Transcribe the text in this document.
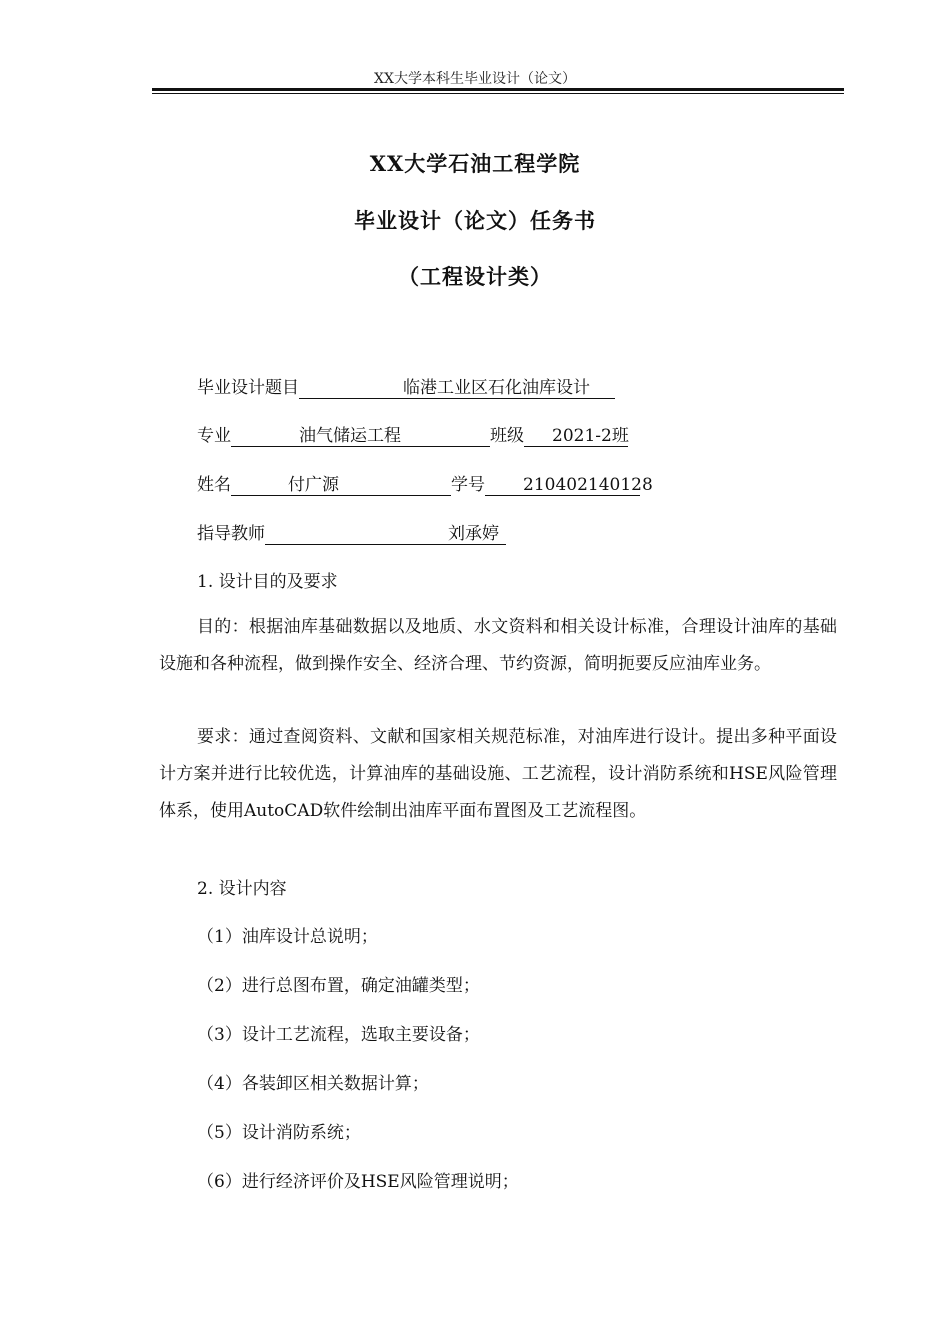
XX大学本科生毕业设计（论文）
XX大学石油工程学院
毕业设计（论文）任务书
（工程设计类）
毕业设计题目	临港工业区石化油库设计
专业	油气储运工程	班级 2021-2班
姓名	付广源	学号 210402140128
指导教师	刘承婷
1. 设计目的及要求
目的：根据油库基础数据以及地质、水文资料和相关设计标准，合理设计油库的基础设施和各种流程，做到操作安全、经济合理、节约资源，简明扼要反应油库业务。
要求：通过查阅资料、文献和国家相关规范标准，对油库进行设计。提出多种平面设计方案并进行比较优选，计算油库的基础设施、工艺流程，设计消防系统和HSE风险管理体系，使用AutoCAD软件绘制出油库平面布置图及工艺流程图。
2. 设计内容
（1）油库设计总说明；
（2）进行总图布置，确定油罐类型；
（3）设计工艺流程，选取主要设备；
（4）各装卸区相关数据计算；
（5）设计消防系统；
（6）进行经济评价及HSE风险管理说明；
